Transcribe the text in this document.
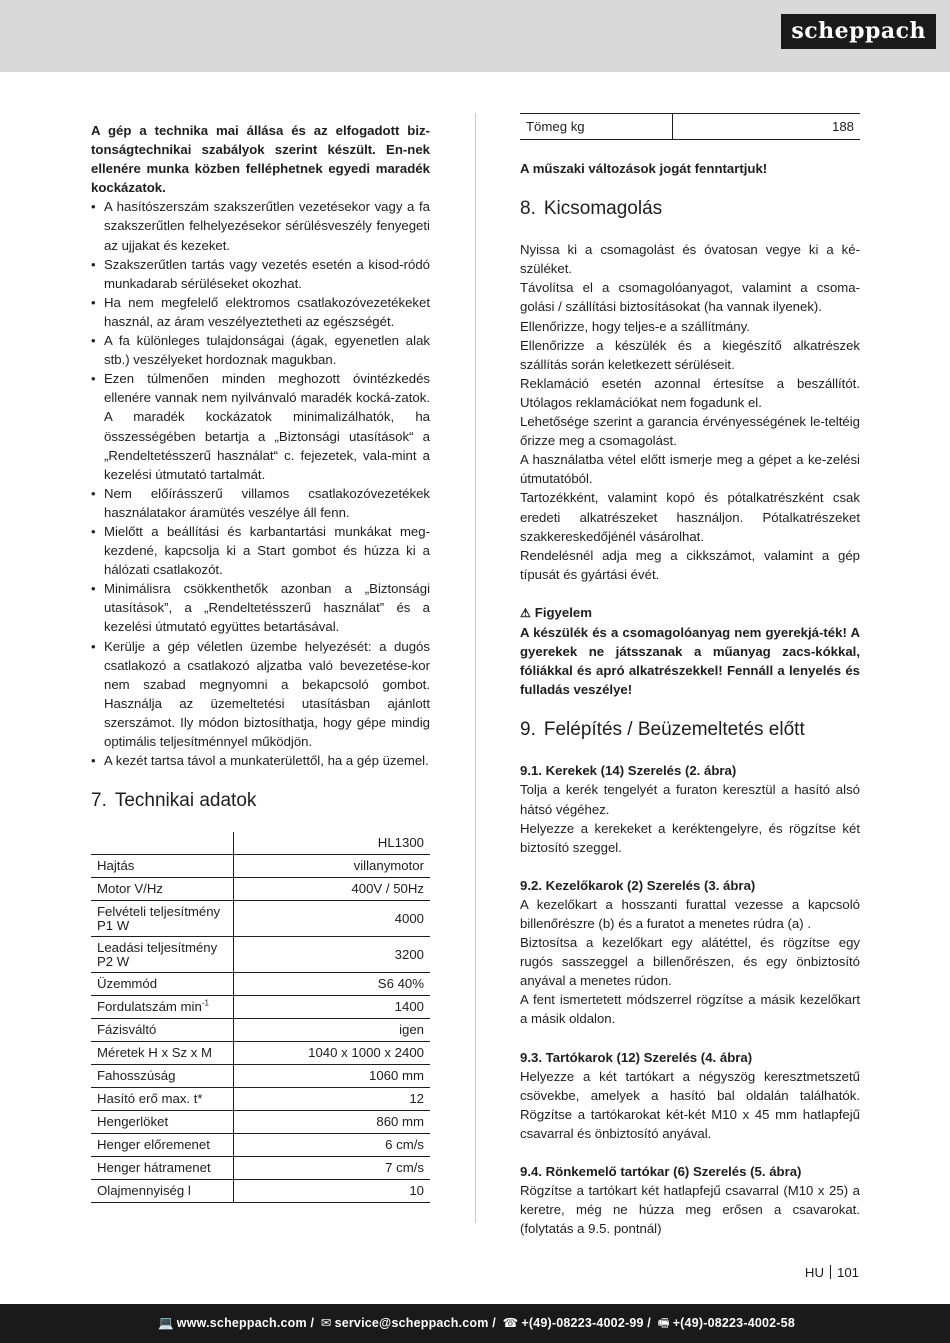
scheppach

A gép a technika mai állása és az elfogadott biz-tonságtechnikai szabályok szerint készült. En-nek ellenére munka közben felléphetnek egyedi maradék kockázatok.

• A hasítószerszám szakszerűtlen vezetésekor vagy a fa szakszerűtlen felhelyezésekor sérülésveszély fenyegeti az ujjakat és kezeket.
• Szakszerűtlen tartás vagy vezetés esetén a kisod-ródó munkadarab sérüléseket okozhat.
• Ha nem megfelelő elektromos csatlakozóvezetékeket használ, az áram veszélyeztetheti az egészségét.
• A fa különleges tulajdonságai (ágak, egyenetlen alak stb.) veszélyeket hordoznak magukban.
• Ezen túlmenően minden meghozott óvintézkedés ellenére vannak nem nyilvánvaló maradék kocká-zatok. A maradék kockázatok minimalizálhatók, ha összességében betartja a „Biztonsági utasítások“ a „Rendeltetésszerű használat“ c. fejezetek, vala-mint a kezelési útmutató tartalmát.
• Nem előírásszerű villamos csatlakozóvezetékek használatakor áramütés veszélye áll fenn.
• Mielőtt a beállítási és karbantartási munkákat meg-kezdené, kapcsolja ki a Start gombot és húzza ki a hálózati csatlakozót.
• Minimálisra csökkenthetők azonban a „Biztonsági utasítások”, a „Rendeltetésszerű használat” és a kezelési útmutató együttes betartásával.
• Kerülje a gép véletlen üzembe helyezését: a dugós csatlakozó a csatlakozó aljzatba való bevezetése-kor nem szabad megnyomni a bekapcsoló gombot. Használja az üzemeltetési utasításban ajánlott szerszámot. Ily módon biztosíthatja, hogy gépe mindig optimális teljesítménnyel működjön.
• A kezét tartsa távol a munkaterülettől, ha a gép üzemel.
7. Technikai adatok
	HL1300
Hajtás	villanymotor
Motor V/Hz	400V / 50Hz
Felvételi teljesítmény P1 W	4000
Leadási teljesítmény P2 W	3200
Üzemmód	S6 40%
Fordulatszám $\min^{-1}$	1400
Fázisváltó	igen
Méretek H x Sz x M	1040 x 1000 x 2400
Fahosszúság	1060 mm
Hasító erő max. t*	12
Hengerlöket	860 mm
Henger előremenet	6 cm/s
Henger hátramenet	7 cm/s
Olajmennyiség l	10
Tömeg kg	188

A műszaki változások jogát fenntartjuk!

8. Kicsomagolás

Nyissa ki a csomagolást és óvatosan vegye ki a ké-szüléket.

Távolítsa el a csomagolóanyagot, valamint a csoma-golási / szállítási biztosításokat (ha vannak ilyenek).

Ellenőrizze, hogy teljes-e a szállítmány.

Ellenőrizze a készülék és a kiegészítő alkatrészek szállítás során keletkezett sérüléseit.

Reklamáció esetén azonnal értesítse a beszállítót. Utólagos reklamációkat nem fogadunk el.

Lehetősége szerint a garancia érvényességének le-teltéig őrizze meg a csomagolást.

A használatba vétel előtt ismerje meg a gépet a ke-zelési útmutatóból.

Tartozékként, valamint kopó és pótalkatrészként csak eredeti alkatrészeket használjon. Pótalkatrészeket szakkereskedőjénél vásárolhat.

Rendelésnél adja meg a cikkszámot, valamint a gép típusát és gyártási évét.

⚠ Figyelem

A készülék és a csomagolóanyag nem gyerekjá-ték! A gyerekek ne játsszanak a műanyag zacs-kókkal, fóliákkal és apró alkatrészekkel! Fennáll a lenyelés és fulladás veszélye!

9. Felépítés / Beüzemeltetés előtt

9.1. Kerekek (14) Szerelés (2. ábra)

Tolja a kerék tengelyét a furaton keresztül a hasító alsó hátsó végéhez.

Helyezze a kerekeket a keréktengelyre, és rögzítse két biztosító szeggel.

9.2. Kezelőkarok (2) Szerelés (3. ábra)

A kezelőkart a hosszanti furattal vezesse a kapcsoló billenőrészre (b) és a furatot a menetes rúdra (a) .

Biztosítsa a kezelőkart egy alátéttel, és rögzítse egy rugós sasszeggel a billenőrészen, és egy önbiztosító anyával a menetes rúdon.

A fent ismertetett módszerrel rögzítse a másik kezelőkart a másik oldalon.

9.3. Tartókarok (12) Szerelés (4. ábra)

Helyezze a két tartókart a négyszög keresztmetszetű csövekbe, amelyek a hasító bal oldalán találhatók. Rögzítse a tartókarokat két-két M10 x 45 mm hatlapfejű csavarral és önbiztosító anyával.

9.4. Rönkemelő tartókar (6) Szerelés (5. ábra)

Rögzítse a tartókart két hatlapfejű csavarral (M10 x 25) a keretre, még ne húzza meg erősen a csavarokat. (folytatás a 9.5. pontnál)

HU 101
💻 www.scheppach.com / ✉ service@scheppach.com / ☎ +(49)-08223-4002-99 / 🖷 +(49)-08223-4002-58
